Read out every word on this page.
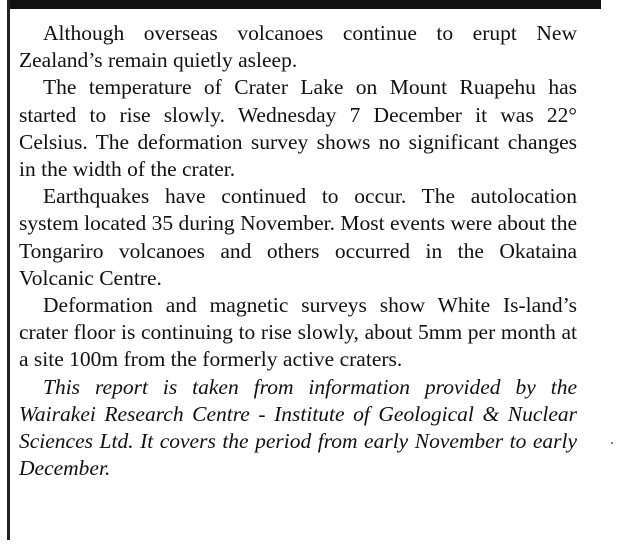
Although overseas volcanoes continue to erupt New Zealand’s remain quietly asleep.

The temperature of Crater Lake on Mount Ruapehu has started to rise slowly. Wednesday 7 December it was 22° Celsius. The deformation survey shows no significant changes in the width of the crater.

Earthquakes have continued to occur. The autolocation system located 35 during November. Most events were about the Tongariro volcanoes and others occurred in the Okataina Volcanic Centre.

Deformation and magnetic surveys show White Is-land’s crater floor is continuing to rise slowly, about 5mm per month at a site 100m from the formerly active craters.

This report is taken from information provided by the Wairakei Research Centre - Institute of Geological & Nuclear Sciences Ltd. It covers the period from early November to early December.
